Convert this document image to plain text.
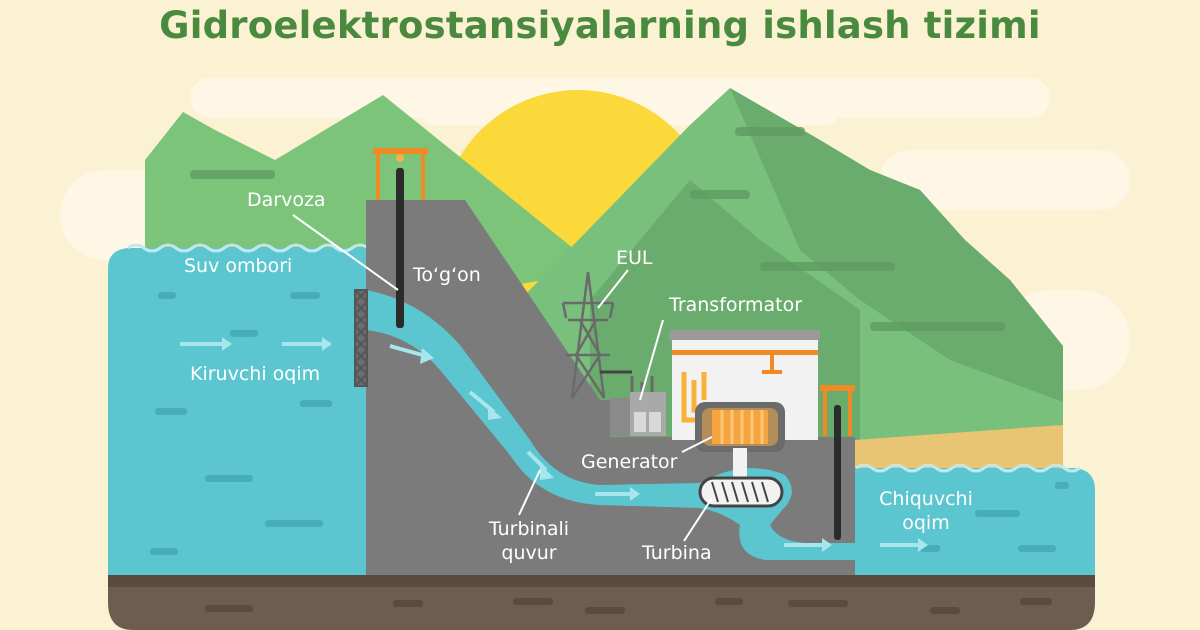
Gidroelektrostansiyalarning ishlash tizimi
Darvoza
Suv ombori	To‘g‘on
Kiruvchi oqim
EUL
Transformator
Generator
Turbinali
quvur	Turbina
Chiquvchi
oqim
